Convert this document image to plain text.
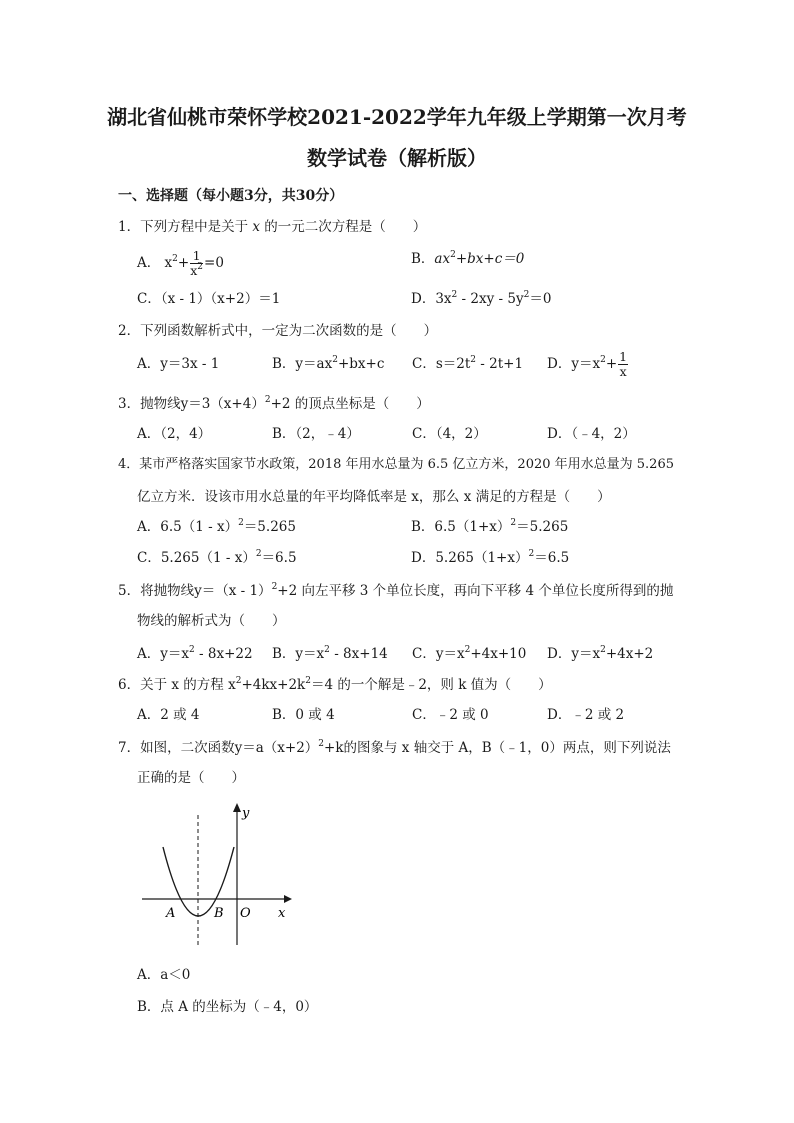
湖北省仙桃市荣怀学校2021-2022学年九年级上学期第一次月考
数学试卷（解析版）
一、选择题（每小题3分，共30分）
1．下列方程中是关于 x 的一元二次方程是（　　）
A． $x^2+ \frac{1}{x^2} =0$	B．$ax^2+bx+c=0$
C．（x - 1）（x+2）＝1	D．$3x^2 - 2xy - 5y^2=0$
2．下列函数解析式中，一定为二次函数的是（　　）
A．y＝3x - 1	B．$y=ax^2+bx+c$ C．$s=2t^2 - 2t+1$ D．$y=x^2+ \frac{1}{x}$
3．抛物线$y=3(x+4)^2+2$ 的顶点坐标是（　　）
A．（2，4）	B．（2，﹣4）	C．（4，2）	D．（﹣4，2）
4．某市严格落实国家节水政策，2018 年用水总量为 6.5 亿立方米，2020 年用水总量为 5.265
亿立方米．设该市用水总量的年平均降低率是 x，那么 x 满足的方程是（　　）
A．6.5（1 - x）$^2$＝5.265	B．$6.5(1+x)^2=5.265$
C．5.265（1 - x）$^2$＝6.5	D．$5.265(1+x)^2=6.5$
5．将抛物线y＝（x - 1）$^2$+2 向左平移 3 个单位长度，再向下平移 4 个单位长度所得到的抛
物线的解析式为（　　）
A．$y=x^2 - 8x+22$ B．$y=x^2 - 8x+14$ C．$y=x^2+4x+10$ D．$y=x^2+4x+2$
6．关于 x 的方程 $x^2+4kx+2k^2=4$ 的一个解是﹣2，则 k 值为（　　）
A．2 或 4	B．0 或 4	C．﹣2 或 0	D．﹣2 或 2
7．如图，二次函数$y=a(x+2)^2+k$的图象与 x 轴交于 A，B（﹣1，0）两点，则下列说法
正确的是（　　）
y
x
A	B O
A．a＜0
B．点 A 的坐标为（﹣4，0）
